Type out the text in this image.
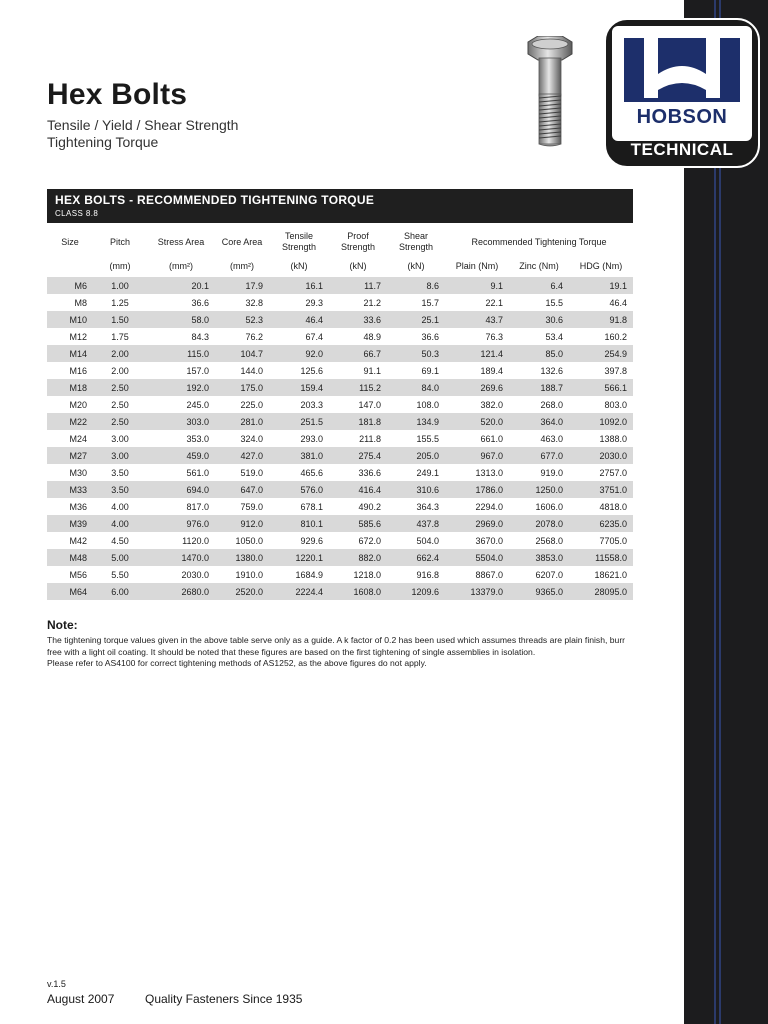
Hex Bolts
Tensile / Yield / Shear Strength
Tightening Torque
HOBSON
TECHNICAL
HEX BOLTS - RECOMMENDED TIGHTENING TORQUE
CLASS 8.8
Size	Pitch	Stress Area	Core Area	Tensile Strength	Proof Strength	Shear Strength	Recommended Tightening Torque		
	(mm)	(mm²)	(mm²)	(kN)	(kN)	(kN)	Plain (Nm)	Zinc (Nm)	HDG (Nm)
M6	1.00	20.1	17.9	16.1	11.7	8.6	9.1	6.4	19.1
M8	1.25	36.6	32.8	29.3	21.2	15.7	22.1	15.5	46.4
M10	1.50	58.0	52.3	46.4	33.6	25.1	43.7	30.6	91.8
M12	1.75	84.3	76.2	67.4	48.9	36.6	76.3	53.4	160.2
M14	2.00	115.0	104.7	92.0	66.7	50.3	121.4	85.0	254.9
M16	2.00	157.0	144.0	125.6	91.1	69.1	189.4	132.6	397.8
M18	2.50	192.0	175.0	159.4	115.2	84.0	269.6	188.7	566.1
M20	2.50	245.0	225.0	203.3	147.0	108.0	382.0	268.0	803.0
M22	2.50	303.0	281.0	251.5	181.8	134.9	520.0	364.0	1092.0
M24	3.00	353.0	324.0	293.0	211.8	155.5	661.0	463.0	1388.0
M27	3.00	459.0	427.0	381.0	275.4	205.0	967.0	677.0	2030.0
M30	3.50	561.0	519.0	465.6	336.6	249.1	1313.0	919.0	2757.0
M33	3.50	694.0	647.0	576.0	416.4	310.6	1786.0	1250.0	3751.0
M36	4.00	817.0	759.0	678.1	490.2	364.3	2294.0	1606.0	4818.0
M39	4.00	976.0	912.0	810.1	585.6	437.8	2969.0	2078.0	6235.0
M42	4.50	1120.0	1050.0	929.6	672.0	504.0	3670.0	2568.0	7705.0
M48	5.00	1470.0	1380.0	1220.1	882.0	662.4	5504.0	3853.0	11558.0
M56	5.50	2030.0	1910.0	1684.9	1218.0	916.8	8867.0	6207.0	18621.0
M64	6.00	2680.0	2520.0	2224.4	1608.0	1209.6	13379.0	9365.0	28095.0
Note:

The tightening torque values given in the above table serve only as a guide. A k factor of 0.2 has been used which assumes threads are plain finish, burr free with a light oil coating. It should be noted that these figures are based on the first tightening of single assemblies in isolation.

Please refer to AS4100 for correct tightening methods of AS1252, as the above figures do not apply.

v.1.5
August 2007	Quality Fasteners Since 1935
